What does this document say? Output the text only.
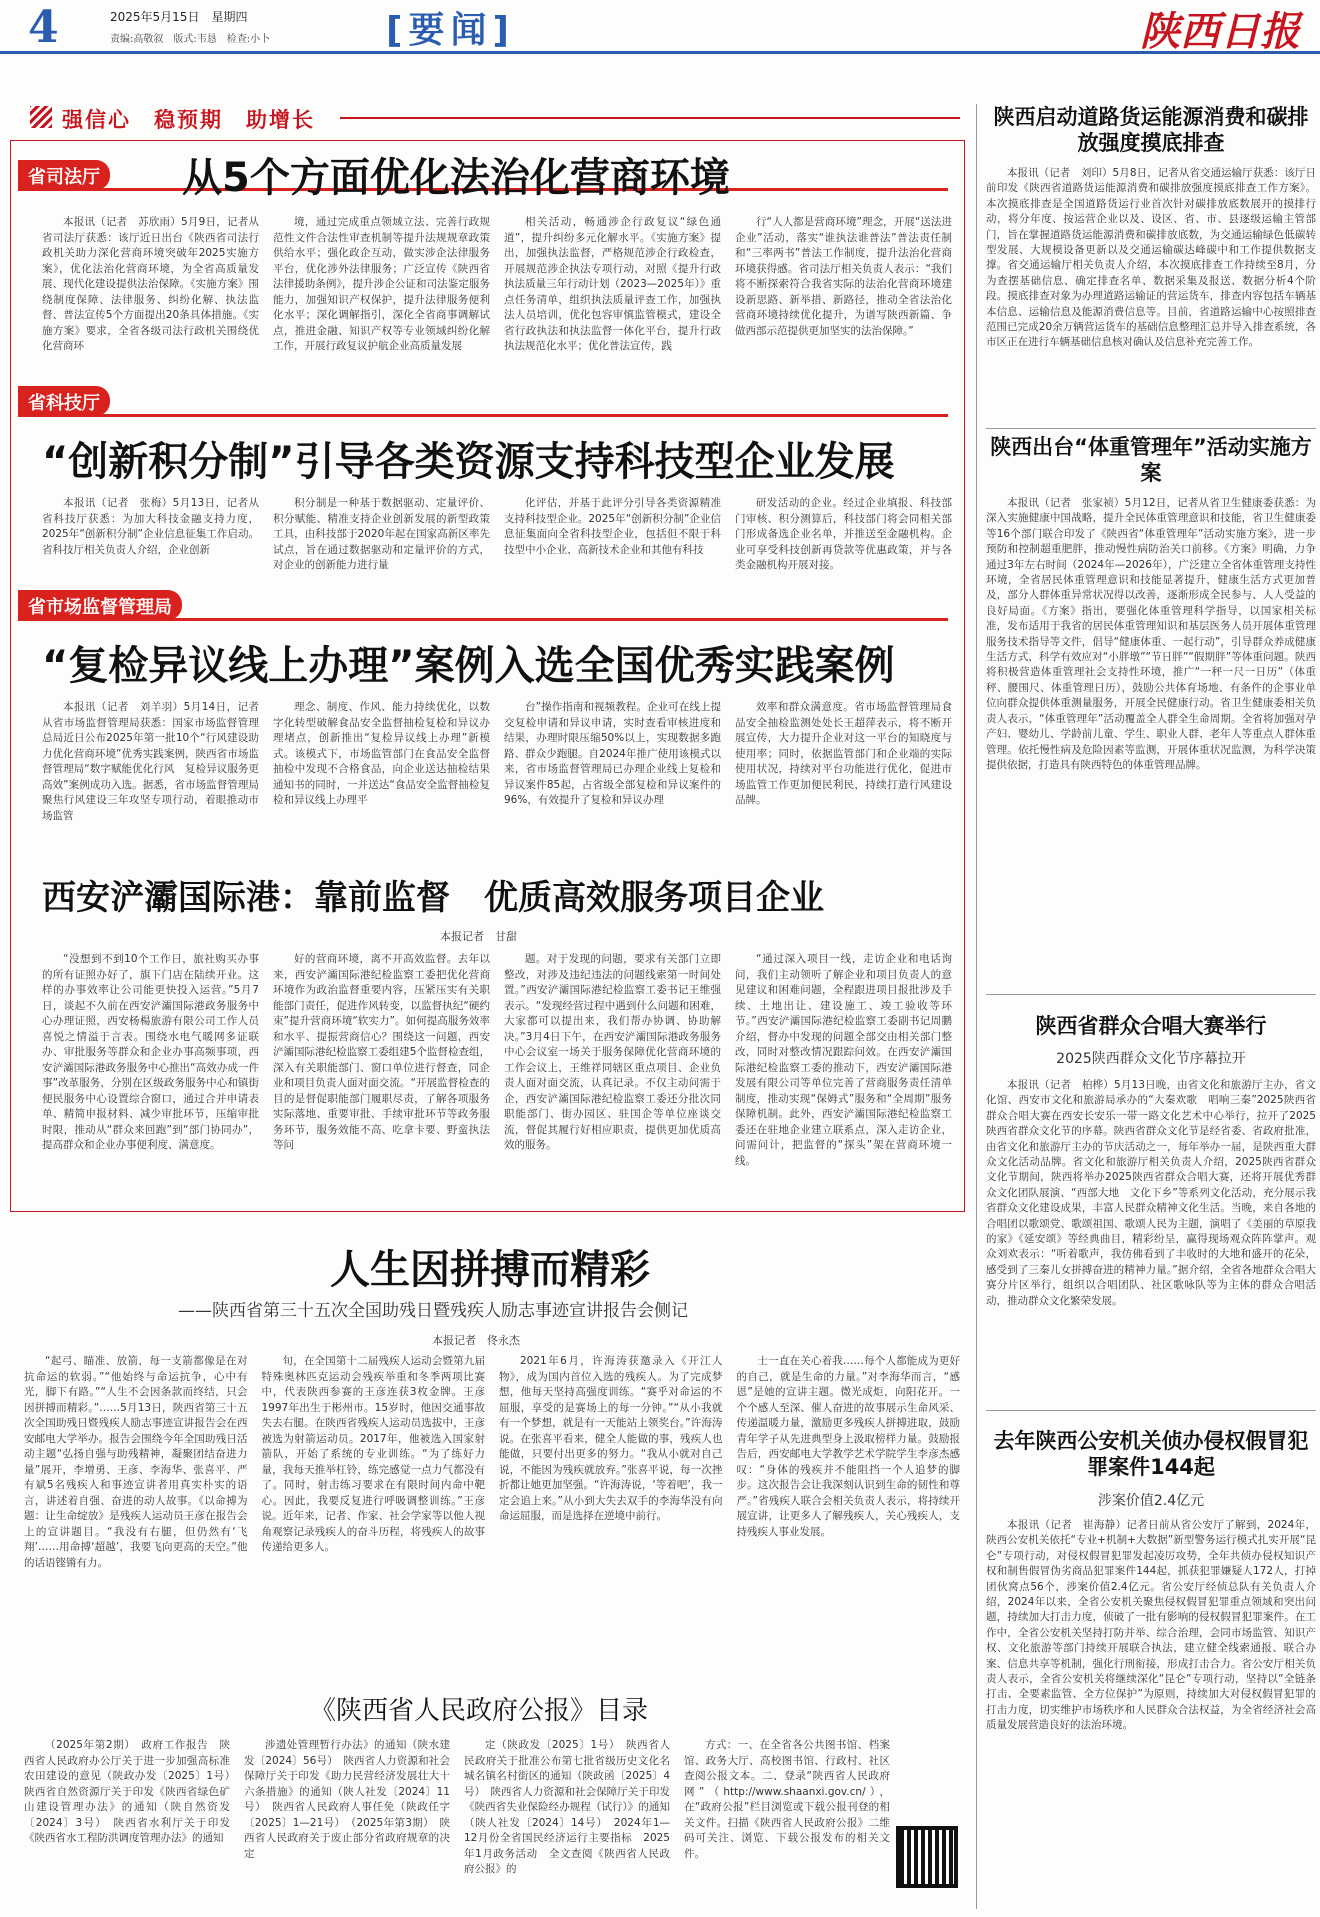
4	2025年5月15日　星期四
责编:高敬叙　版式:韦恳　检查:小卜	[要闻]	陕西日报
强信心　稳预期　助增长
省司法厅 从5个方面优化法治化营商环境

本报讯（记者　苏欣雨）5月9日，记者从省司法厅获悉：该厅近日出台《陕西省司法行政机关助力深化营商环境突破年2025实施方案》，优化法治化营商环境，为全省高质量发展、现代化建设提供法治保障。《实施方案》围绕制度保障、法律服务、纠纷化解、执法监督、普法宣传5个方面提出20条具体措施。《实施方案》要求，全省各级司法行政机关围绕优化营商环

境，通过完成重点领域立法、完善行政规范性文件合法性审查机制等提升法规规章政策供给水平；强化政企互动，做实涉企法律服务平台，优化涉外法律服务；广泛宣传《陕西省法律援助条例》，提升涉企公证和司法鉴定服务能力，加强知识产权保护，提升法律服务便利化水平；深化调解指引，深化全省商事调解试点，推进金融、知识产权等专业领域纠纷化解工作，开展行政复议护航企业高质量发展

相关活动，畅通涉企行政复议“绿色通道”，提升纠纷多元化解水平。《实施方案》提出，加强执法监督，严格规范涉企行政检查，开展规范涉企执法专项行动，对照《提升行政执法质量三年行动计划（2023—2025年）》重点任务清单，组织执法质量评查工作，加强执法人员培训，优化包容审慎监管模式，建设全省行政执法和执法监督一体化平台，提升行政执法规范化水平；优化普法宣传，践

行“人人都是营商环境”理念，开展“送法进企业”活动，落实“谁执法谁普法”普法责任制和“三率两书”普法工作制度，提升法治化营商环境获得感。省司法厅相关负责人表示：“我们将不断探索符合我省实际的法治化营商环境建设新思路、新举措、新路径，推动全省法治化营商环境持续优化提升，为谱写陕西新篇、争做西部示范提供更加坚实的法治保障。”

省科技厅
“创新积分制”引导各类资源支持科技型企业发展

本报讯（记者　张梅）5月13日，记者从省科技厅获悉：为加大科技金融支持力度，2025年“创新积分制”企业信息征集工作启动。省科技厅相关负责人介绍，企业创新

积分制是一种基于数据驱动、定量评价、积分赋能、精准支持企业创新发展的新型政策工具，由科技部于2020年起在国家高新区率先试点，旨在通过数据驱动和定量评价的方式，对企业的创新能力进行量

化评估，并基于此评分引导各类资源精准支持科技型企业。2025年“创新积分制”企业信息征集面向全省科技型企业，包括但不限于科技型中小企业、高新技术企业和其他有科技

研发活动的企业。经过企业填报、科技部门审核、积分测算后，科技部门将会同相关部门形成备选企业名单，并推送至金融机构。企业可享受科技创新再贷款等优惠政策，并与各类金融机构开展对接。

省市场监督管理局
“复检异议线上办理”案例入选全国优秀实践案例

本报讯（记者　刘羊羽）5月14日，记者从省市场监督管理局获悉：国家市场监督管理总局近日公布2025年第一批10个“行风建设助力优化营商环境”优秀实践案例，陕西省市场监督管理局“数字赋能优化行风　复检异议服务更高效”案例成功入选。据悉，省市场监督管理局聚焦行风建设三年攻坚专项行动，着眼推动市场监管

理念、制度、作风、能力持续优化，以数字化转型破解食品安全监督抽检复检和异议办理堵点，创新推出“复检异议线上办理”新模式。该模式下，市场监管部门在食品安全监督抽检中发现不合格食品，向企业送达抽检结果通知书的同时，一并送达“食品安全监督抽检复检和异议线上办理平

台”操作指南和视频教程。企业可在线上提交复检申请和异议申请，实时查看审核进度和结果，办理时限压缩50%以上，实现数据多跑路、群众少跑腿。自2024年推广使用该模式以来，省市场监督管理局已办理企业线上复检和异议案件85起，占省级全部复检和异议案件的96%，有效提升了复检和异议办理

效率和群众满意度。省市场监督管理局食品安全抽检监测处处长王超萍表示，将不断开展宣传，大力提升企业对这一平台的知晓度与使用率；同时，依据监管部门和企业端的实际使用状况，持续对平台功能进行优化，促进市场监管工作更加便民利民，持续打造行风建设品牌。

西安浐灞国际港：靠前监督　优质高效服务项目企业
本报记者　甘甜

“没想到不到10个工作日，旅社购买办事的所有证照办好了，旗下门店在陆续开业。这样的办事效率让公司能更快投入运营。”5月7日，谈起不久前在西安浐灞国际港政务服务中心办理证照，西安杨楊旅游有限公司工作人员喜悦之情溢于言表。围绕水电气暖网多证联办、审批服务等群众和企业办事高频事项，西安浐灞国际港政务服务中心推出“高效办成一件事”改革服务，分别在区级政务服务中心和镇街便民服务中心设置综合窗口，通过合并申请表单、精简申报材料、减少审批环节，压缩审批时限，推动从“群众来回跑”到“部门协同办”，提高群众和企业办事便利度、满意度。

好的营商环境，离不开高效监督。去年以来，西安浐灞国际港纪检监察工委把优化营商环境作为政治监督重要内容，压紧压实有关职能部门责任，促进作风转变，以监督执纪“硬约束”提升营商环境“软实力”。如何提高服务效率和水平、提振营商信心？围绕这一问题，西安浐灞国际港纪检监察工委组建5个监督检查组，深入有关职能部门、窗口单位进行督查，同企业和项目负责人面对面交流。“开展监督检查的目的是督促职能部门履职尽责，了解各项服务实际落地、重要审批、手续审批环节等政务服务环节，服务效能不高、吃拿卡要、野蛮执法等问

题。对于发现的问题，要求有关部门立即整改，对涉及违纪违法的问题线索第一时间处置。”西安浐灞国际港纪检监察工委书记王维强表示。“发现经营过程中遇到什么问题和困难，大家都可以提出来，我们帮办协调、协助解决。”3月4日下午，在西安浐灞国际港政务服务中心会议室一场关于服务保障优化营商环境的工作会议上，王维祥同辖区重点项目、企业负责人面对面交流，认真记录。不仅主动问需于企，西安浐灞国际港纪检监察工委还分批次同职能部门、街办园区、驻国企等单位座谈交流，督促其履行好相应职责，提供更加优质高效的服务。

“通过深入项目一线，走访企业和电话询问，我们主动领听了解企业和项目负责人的意见建议和困难问题，全程跟进项目报批涉及手续、土地出让、建设施工、竣工验收等环节。”西安浐灞国际港纪检监察工委副书记周鹏介绍，督办中发现的问题全部交由相关部门整改，同时对整改情况跟踪问效。在西安浐灞国际港纪检监察工委的推动下，西安浐灞国际港发展有限公司等单位完善了营商服务责任清单制度，推动实现“保姆式”服务和“全周期”服务保障机制。此外，西安浐灞国际港纪检监察工委还在驻地企业建立联系点，深入走访企业，问需问计，把监督的“探头”架在营商环境一线。

人生因拼搏而精彩
——陕西省第三十五次全国助残日暨残疾人励志事迹宣讲报告会侧记
本报记者　佟永杰

“起弓、瞄准、放箭，每一支箭都像是在对抗命运的软弱。”“他始终与命运抗争，心中有光，脚下有路。”“人生不会因条款而终结，只会因拼搏而精彩。”……5月13日，陕西省第三十五次全国助残日暨残疾人励志事迹宣讲报告会在西安邮电大学举办。报告会围绕今年全国助残日活动主题“弘扬自强与助残精神，凝聚团结奋进力量”展开，李增勇、王彦、李海华、张喜平、严有斌5名残疾人和事迹宣讲者用真实朴实的语言，讲述着自强、奋进的动人故事。《以命搏为题：让生命绽放》是残疾人运动员王彦在报告会上的宣讲题目。“我没有右腿，但仍然有‘飞翔’……用命搏‘超越’，我要飞向更高的天空。”他的话语铿锵有力。

旬，在全国第十二届残疾人运动会暨第九届特殊奥林匹克运动会残疾举重和冬季两项比赛中，代表陕西参赛的王彦连获3枚金牌。王彦1997年出生于彬州市。15岁时，他因交通事故失去右腿。在陕西省残疾人运动员选拔中，王彦被选为射箭运动员。2017年，他被选入国家射箭队，开始了系统的专业训练。“为了练好力量，我每天推举杠铃，练完感觉一点力气都没有了。同时，射击练习要求在有限时间内命中靶心。因此，我要反复进行呼吸调整训练。”王彦说。近年来，记者、作家、社会学家等以他人视角观察记录残疾人的奋斗历程，将残疾人的故事传递给更多人。

2021年6月，许海涛获邀录入《开江人物》，成为国内首位入选的残疾人。为了完成梦想，他每天坚持高强度训练。“赛乎对命运的不屈服，享受的是赛场上的每一分钟。”“从小我就有一个梦想，就是有一天能站上领奖台。”许海涛说。在张喜平看来，健全人能做的事，残疾人也能做，只要付出更多的努力。“我从小就对自己说，不能因为残疾就放弃。”张喜平说，每一次挫折都让她更加坚强。“许海涛说，‘等着吧’，我一定会追上来。”从小到大失去双手的李海华没有向命运屈服，而是选择在逆境中前行。

士一直在关心着我……每个人都能成为更好的自己，就是生命的力量。”对李海华而言，“感恩”是她的宣讲主题。微光成炬，向阳花开。一个个感人至深、催人奋进的故事展示生命风采、传递温暖力量，激励更多残疾人拼搏进取，鼓励青年学子从先进典型身上汲取榜样力量。鼓励报告后，西安邮电大学教学艺术学院学生李彦杰感叹：“身体的残疾并不能阻挡一个人追梦的脚步。这次报告会让我深刻认识到生命的韧性和尊严。”省残疾人联合会相关负责人表示，将持续开展宣讲，让更多人了解残疾人，关心残疾人，支持残疾人事业发展。

《陕西省人民政府公报》目录

（2025年第2期）　政府工作报告　陕西省人民政府办公厅关于进一步加强高标准农田建设的意见（陕政办发〔2025〕1号）　陕西省自然资源厅关于印发《陕西省绿色矿山建设管理办法》的通知（陕自然资发〔2024〕3号）　陕西省水利厅关于印发《陕西省水工程防洪调度管理办法》的通知

涉遗处管理暂行办法》的通知（陕水建发〔2024〕56号）　陕西省人力资源和社会保障厅关于印发《助力民营经济发展壮大十六条措施》的通知（陕人社发〔2024〕11号）　陕西省人民政府人事任免（陕政任字〔2025〕1—21号）　（2025年第3期）　陕西省人民政府关于废止部分省政府规章的决定

定（陕政发〔2025〕1号）　陕西省人民政府关于批准公布第七批省级历史文化名城名镇名村街区的通知（陕政函〔2025〕4号）　陕西省人力资源和社会保障厅关于印发《陕西省失业保险经办规程（试行）》的通知（陕人社发〔2024〕14号）　2024年1—12月份全省国民经济运行主要指标　2025年1月政务活动　全文查阅《陕西省人民政府公报》的

方式：一、在全省各公共图书馆、档案馆、政务大厅、高校图书馆、行政村、社区查阅公报文本。二、登录“陕西省人民政府网”（http://www.shaanxi.gov.cn/），在“政府公报”栏目浏览或下载公报刊登的相关文件。扫描《陕西省人民政府公报》二维码可关注、浏览、下载公报发布的相关文件。

陕西启动道路货运能源消费和碳排放强度摸底排查

本报讯（记者　刘印）5月8日，记者从省交通运输厅获悉：该厅日前印发《陕西省道路货运能源消费和碳排放强度摸底排查工作方案》。本次摸底排查是全国道路货运行业首次针对碳排放底数展开的摸排行动，将分年度、按运营企业以及、设区、省、市、县逐级运输主管部门，旨在掌握道路货运能源消费和碳排放底数，为交通运输绿色低碳转型发展、大规模设备更新以及交通运输碳达峰碳中和工作提供数据支撑。省交通运输厅相关负责人介绍，本次摸底排查工作持续至8月，分为查摆基础信息、确定排查名单、数据采集及报送、数据分析4个阶段。摸底排查对象为办理道路运输证的营运货车，排查内容包括车辆基本信息、运输信息及能源消费信息等。目前，省道路运输中心按照排查范围已完成20余万辆营运货车的基础信息整理汇总并导入排查系统，各市区正在进行车辆基础信息核对确认及信息补充完善工作。

陕西出台“体重管理年”活动实施方案

本报讯（记者　张家祯）5月12日，记者从省卫生健康委获悉：为深入实施健康中国战略，提升全民体重管理意识和技能，省卫生健康委等16个部门联合印发了《陕西省“体重管理年”活动实施方案》，进一步预防和控制超重肥胖，推动慢性病防治关口前移。《方案》明确，力争通过3年左右时间（2024年—2026年），广泛建立全省体重管理支持性环境，全省居民体重管理意识和技能显著提升，健康生活方式更加普及，部分人群体重异常状况得以改善，逐渐形成全民参与、人人受益的良好局面。《方案》指出，要强化体重管理科学指导，以国家相关标准，发布适用于我省的居民体重管理知识和基层医务人员开展体重管理服务技术指导等文件，倡导“健康体重、一起行动”，引导群众养成健康生活方式，科学有效应对“小胖墩”“节日胖”“假期胖”等体重问题。陕西将积极营造体重管理社会支持性环境，推广“一秤一尺一日历”（体重秤、腰围尺、体重管理日历），鼓励公共体育场地、有条件的企事业单位向群众提供体重测量服务，开展全民健康行动。省卫生健康委相关负责人表示，“体重管理年”活动覆盖全人群全生命周期。全省将加强对孕产妇、婴幼儿、学龄前儿童、学生、职业人群、老年人等重点人群体重管理。依托慢性病及危险因素等监测，开展体重状况监测，为科学决策提供依据，打造具有陕西特色的体重管理品牌。

陕西省群众合唱大赛举行
2025陕西群众文化节序幕拉开

本报讯（记者　柏桦）5月13日晚，由省文化和旅游厅主办，省文化馆、西安市文化和旅游局承办的“大秦欢歌　唱响三秦”2025陕西省群众合唱大赛在西安长安乐一带一路文化艺术中心举行，拉开了2025陕西省群众文化节的序幕。陕西省群众文化节是经省委、省政府批准，由省文化和旅游厅主办的节庆活动之一，每年举办一届，是陕西重大群众文化活动品牌。省文化和旅游厅相关负责人介绍，2025陕西省群众文化节期间，陕西将举办2025陕西省群众合唱大赛，还将开展优秀群众文化团队展演、“西部大地　文化下乡”等系列文化活动，充分展示我省群众文化建设成果，丰富人民群众精神文化生活。当晚，来自各地的合唱团以歌颂党、歌颂祖国、歌颂人民为主题，演唱了《美丽的草原我的家》《延安颂》等经典曲目，精彩纷呈，赢得现场观众阵阵掌声。观众刘欢表示：“听着歌声，我仿佛看到了丰收时的大地和盛开的花朵，感受到了三秦儿女拼搏奋进的精神力量。”据介绍，全省各地群众合唱大赛分片区举行，组织以合唱团队、社区歌咏队等为主体的群众合唱活动，推动群众文化繁荣发展。

去年陕西公安机关侦办侵权假冒犯罪案件144起
涉案价值2.4亿元

本报讯（记者　崔海静）记者日前从省公安厅了解到，2024年，陕西公安机关依托“专业+机制+大数据”新型警务运行模式扎实开展“昆仑”专项行动，对侵权假冒犯罪发起凌厉攻势，全年共侦办侵权知识产权和制售假冒伪劣商品犯罪案件144起，抓获犯罪嫌疑人172人，打掉团伙窝点56个，涉案价值2.4亿元。省公安厅经侦总队有关负责人介绍，2024年以来，全省公安机关聚焦侵权假冒犯罪重点领域和突出问题，持续加大打击力度，侦破了一批有影响的侵权假冒犯罪案件。在工作中，全省公安机关坚持打防并举、综合治理，会同市场监管、知识产权、文化旅游等部门持续开展联合执法，建立健全线索通报、联合办案、信息共享等机制，强化行刑衔接，形成打击合力。省公安厅相关负责人表示，全省公安机关将继续深化“昆仑”专项行动，坚持以“全链条打击、全要素监管、全方位保护”为原则，持续加大对侵权假冒犯罪的打击力度，切实维护市场秩序和人民群众合法权益，为全省经济社会高质量发展营造良好的法治环境。
